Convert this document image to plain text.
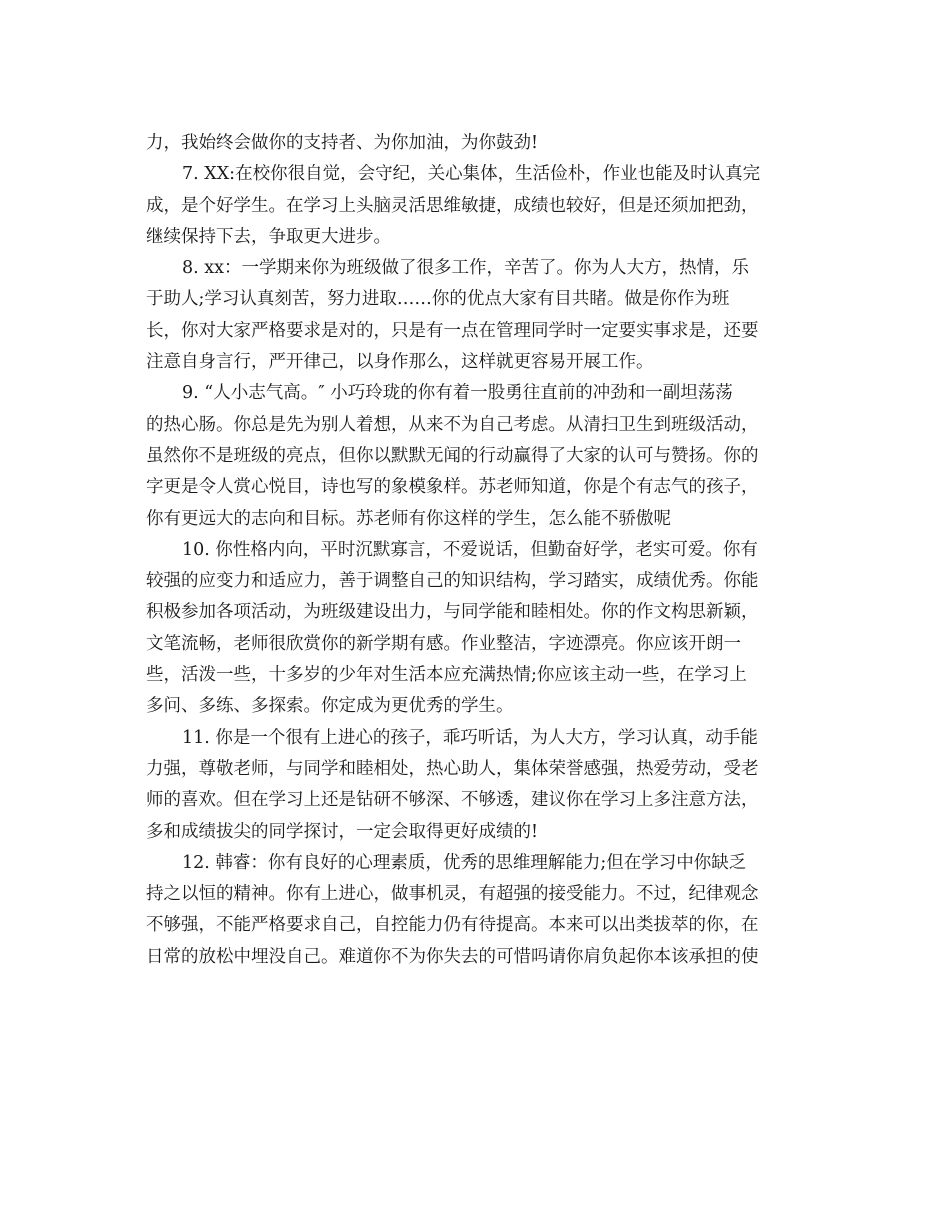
力，我始终会做你的支持者、为你加油，为你鼓劲!
7. XX:在校你很自觉，会守纪，关心集体，生活俭朴，作业也能及时认真完
成，是个好学生。在学习上头脑灵活思维敏捷，成绩也较好，但是还须加把劲，
继续保持下去，争取更大进步。
8. xx：一学期来你为班级做了很多工作，辛苦了。你为人大方，热情，乐
于助人;学习认真刻苦，努力进取……你的优点大家有目共睹。做是你作为班
长，你对大家严格要求是对的，只是有一点在管理同学时一定要实事求是，还要
注意自身言行，严开律己，以身作那么，这样就更容易开展工作。
9. “人小志气高。″ 小巧玲珑的你有着一股勇往直前的冲劲和一副坦荡荡
的热心肠。你总是先为别人着想，从来不为自己考虑。从清扫卫生到班级活动，
虽然你不是班级的亮点，但你以默默无闻的行动赢得了大家的认可与赞扬。你的
字更是令人赏心悦目，诗也写的象模象样。苏老师知道，你是个有志气的孩子，
你有更远大的志向和目标。苏老师有你这样的学生，怎么能不骄傲呢
10. 你性格内向，平时沉默寡言，不爱说话，但勤奋好学，老实可爱。你有
较强的应变力和适应力，善于调整自己的知识结构，学习踏实，成绩优秀。你能
积极参加各项活动，为班级建设出力，与同学能和睦相处。你的作文构思新颖，
文笔流畅，老师很欣赏你的新学期有感。作业整洁，字迹漂亮。你应该开朗一
些，活泼一些，十多岁的少年对生活本应充满热情;你应该主动一些，在学习上
多问、多练、多探索。你定成为更优秀的学生。
11. 你是一个很有上进心的孩子，乖巧听话，为人大方，学习认真，动手能
力强，尊敬老师，与同学和睦相处，热心助人，集体荣誉感强，热爱劳动，受老
师的喜欢。但在学习上还是钻研不够深、不够透，建议你在学习上多注意方法，
多和成绩拔尖的同学探讨，一定会取得更好成绩的!
12. 韩睿：你有良好的心理素质，优秀的思维理解能力;但在学习中你缺乏
持之以恒的精神。你有上进心，做事机灵，有超强的接受能力。不过，纪律观念
不够强，不能严格要求自己，自控能力仍有待提高。本来可以出类拔萃的你，在
日常的放松中埋没自己。难道你不为你失去的可惜吗请你肩负起你本该承担的使
